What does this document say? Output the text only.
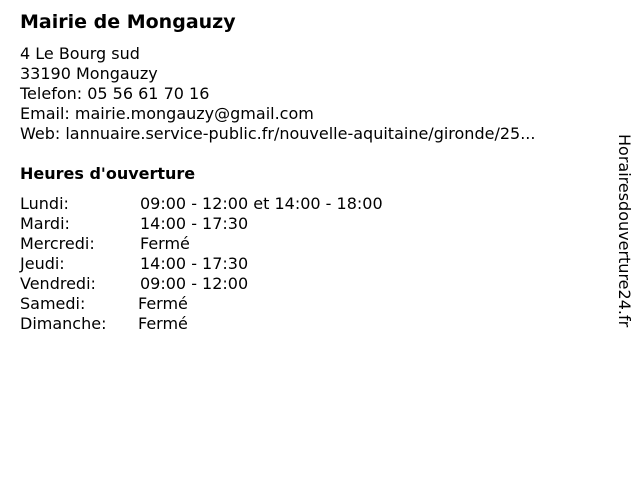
Mairie de Mongauzy
4 Le Bourg sud
33190 Mongauzy
Telefon: 05 56 61 70 16
Email: mairie.mongauzy@gmail.com
Web: lannuaire.service-public.fr/nouvelle-aquitaine/gironde/25...
Heures d'ouverture
Lundi:	09:00 - 12:00 et 14:00 - 18:00
Mardi:	14:00 - 17:30
Mercredi:	Fermé
Jeudi:	14:00 - 17:30
Vendredi:	09:00 - 12:00
Samedi:	Fermé
Dimanche: Fermé	Horairesdouverture24.fr
